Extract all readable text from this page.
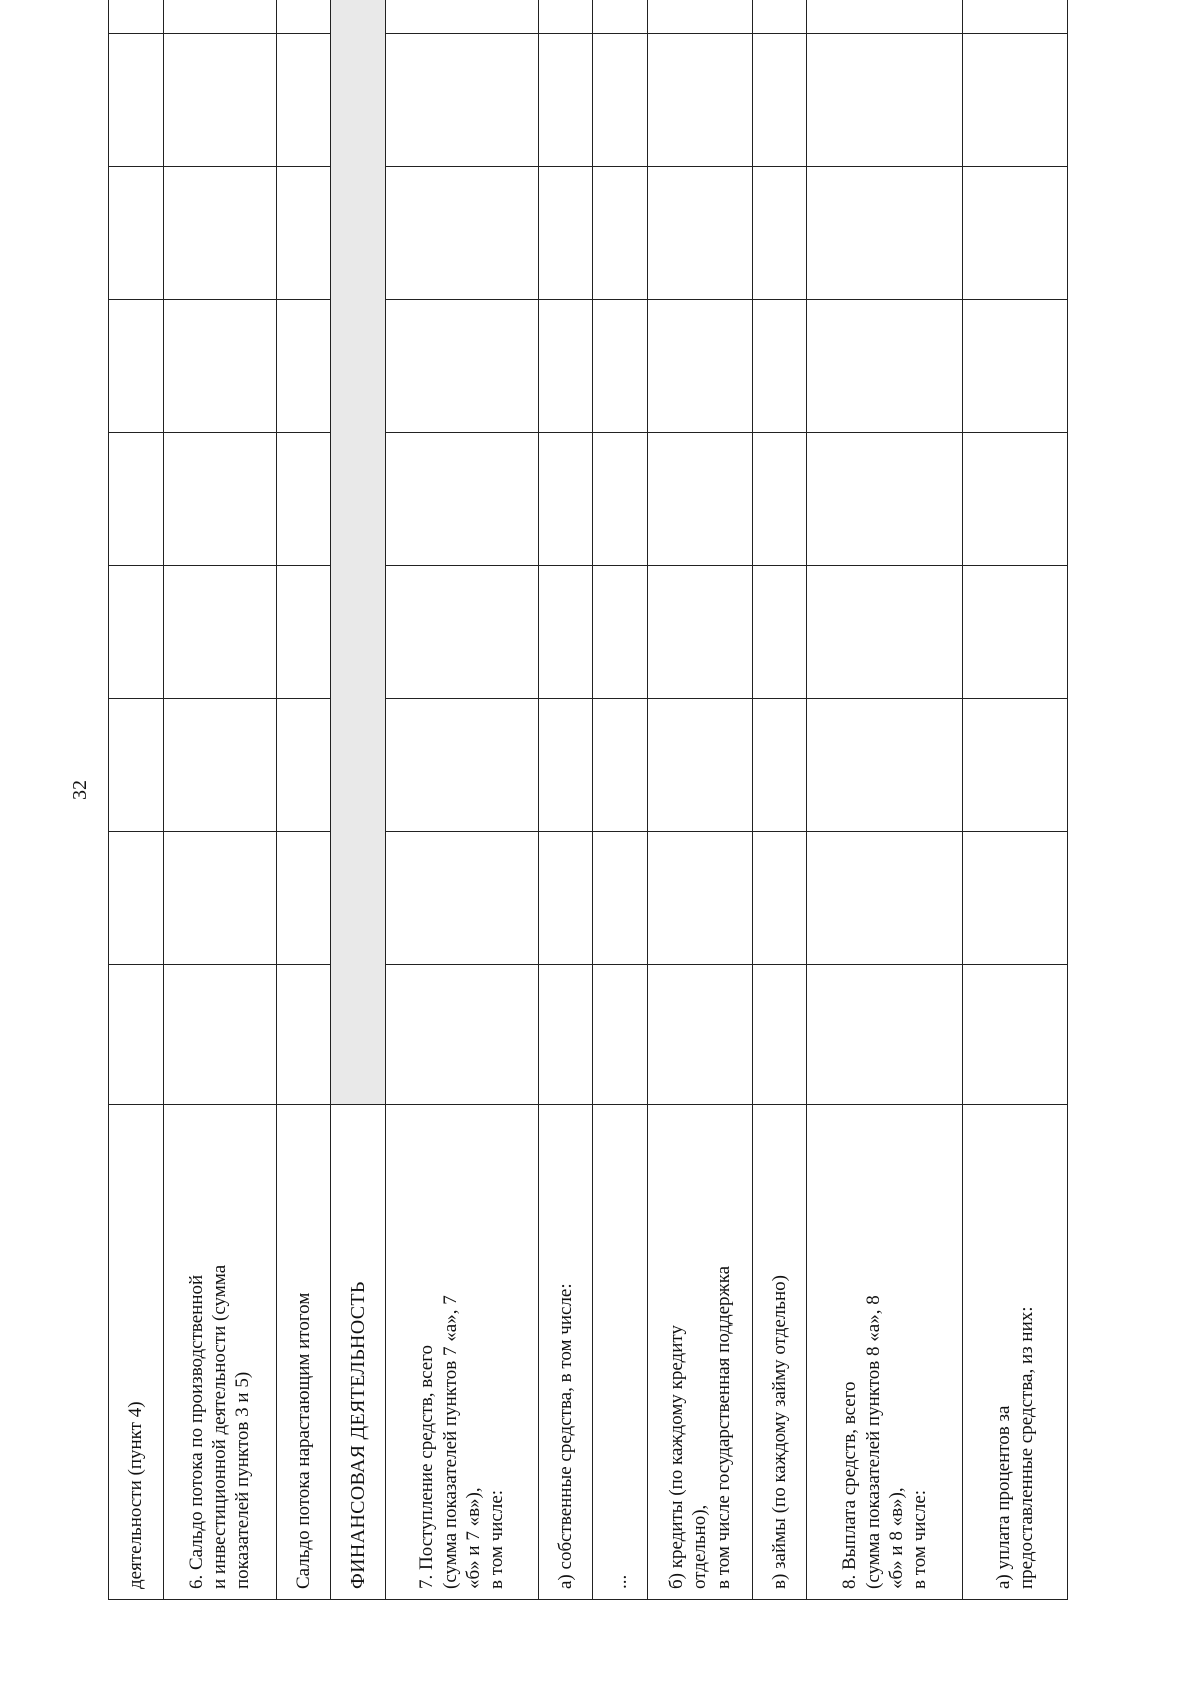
32
деятельности (пункт 4)									

6. Сальдо потока по производственной и инвестиционной деятельности (сумма показателей пунктов 3 и 5)									

Сальдо потока нарастающим итогом									

ФИНАНСОВАЯ ДЕЯТЕЛЬНОСТЬ									

7. Поступление средств, всего (сумма показателей пунктов 7 «а», 7 «б» и 7 «в»), в том числе:									

а) собственные средства, в том числе:									

...									

б) кредиты (по каждому кредиту отдельно), в том числе государственная поддержка									

в) займы (по каждому займу отдельно)									

8. Выплата средств, всего (сумма показателей пунктов 8 «а», 8 «б» и 8 «в»), в том числе:									

а) уплата процентов за предоставленные средства, из них:									
